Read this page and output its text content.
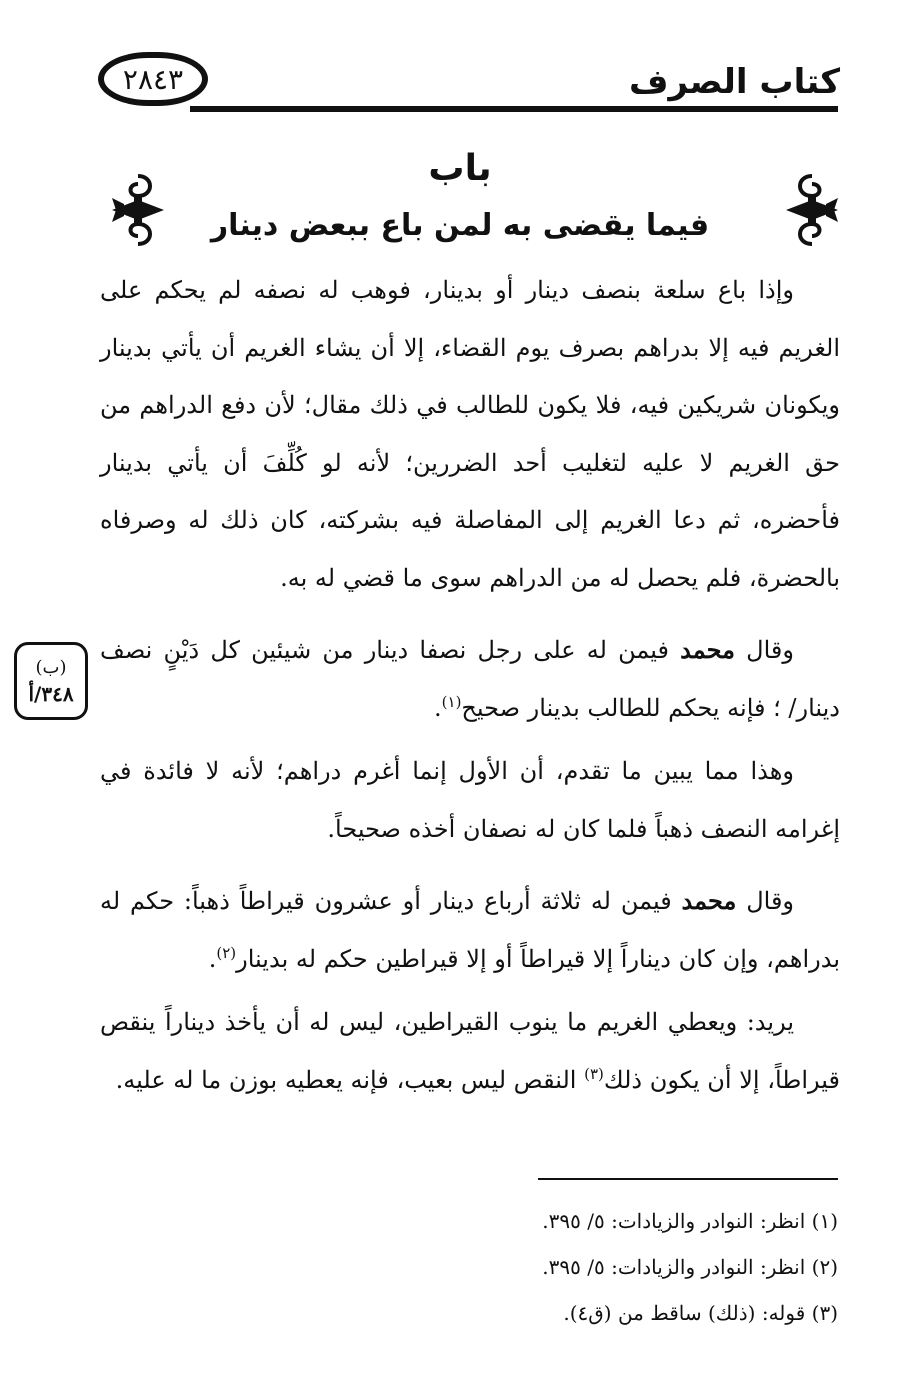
٢٨٤٣	كتاب الصرف
باب
فيما يقضى به لمن باع ببعض دينار

وإذا باع سلعة بنصف دينار أو بدينار، فوهب له نصفه لم يحكم على الغريم فيه إلا بدراهم بصرف يوم القضاء، إلا أن يشاء الغريم أن يأتي بدينار ويكونان شريكين فيه، فلا يكون للطالب في ذلك مقال؛ لأن دفع الدراهم من حق الغريم لا عليه لتغليب أحد الضررين؛ لأنه لو كُلِّفَ أن يأتي بدينار فأحضره، ثم دعا الغريم إلى المفاصلة فيه بشركته، كان ذلك له وصرفاه بالحضرة، فلم يحصل له من الدراهم سوى ما قضي له به.

وقال محمد فيمن له على رجل نصفا دينار من شيئين كل دَيْنٍ نصف دينار/ ؛ فإنه يحكم للطالب بدينار صحيح$^{(١)}$.

وهذا مما يبين ما تقدم، أن الأول إنما أغرم دراهم؛ لأنه لا فائدة في إغرامه النصف ذهباً فلما كان له نصفان أخذه صحيحاً.

وقال محمد فيمن له ثلاثة أرباع دينار أو عشرون قيراطاً ذهباً: حكم له بدراهم، وإن كان ديناراً إلا قيراطاً أو إلا قيراطين حكم له بدينار$^{(٢)}$.

يريد: ويعطي الغريم ما ينوب القيراطين، ليس له أن يأخذ ديناراً ينقص قيراطاً، إلا أن يكون ذلك$^{(٣)}$ النقص ليس بعيب، فإنه يعطيه بوزن ما له عليه.

(ب)
٣٤٨/أ
(١) انظر: النوادر والزيادات: ٥/ ٣٩٥.
(٢) انظر: النوادر والزيادات: ٥/ ٣٩٥.
(٣) قوله: (ذلك) ساقط من (ق٤).
